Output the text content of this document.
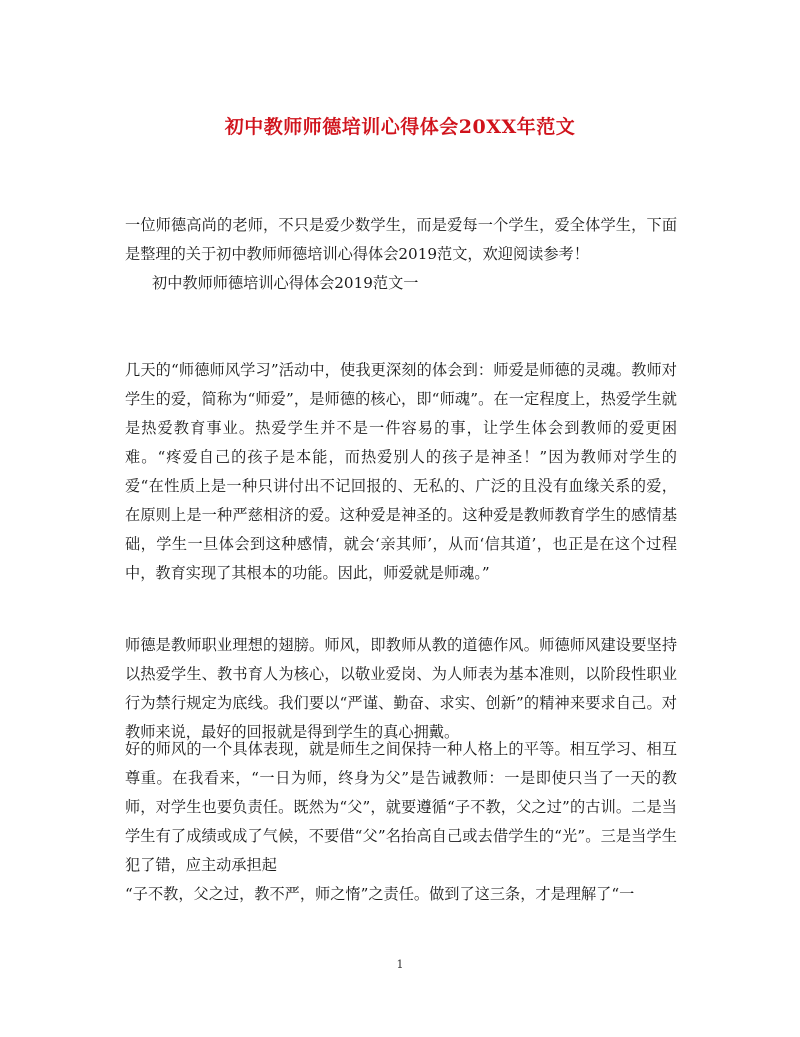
初中教师师德培训心得体会20XX年范文

一位师德高尚的老师，不只是爱少数学生，而是爱每一个学生，爱全体学生，下面是整理的关于初中教师师德培训心得体会2019范文，欢迎阅读参考！

初中教师师德培训心得体会2019范文一

几天的“师德师风学习”活动中，使我更深刻的体会到：师爱是师德的灵魂。教师对学生的爱，简称为“师爱”，是师德的核心，即“师魂”。在一定程度上，热爱学生就是热爱教育事业。热爱学生并不是一件容易的事，让学生体会到教师的爱更困难。“疼爱自己的孩子是本能，而热爱别人的孩子是神圣！”因为教师对学生的爱“在性质上是一种只讲付出不记回报的、无私的、广泛的且没有血缘关系的爱，在原则上是一种严慈相济的爱。这种爱是神圣的。这种爱是教师教育学生的感情基础，学生一旦体会到这种感情，就会‘亲其师’，从而‘信其道’，也正是在这个过程中，教育实现了其根本的功能。因此，师爱就是师魂。”

师德是教师职业理想的翅膀。师风，即教师从教的道德作风。师德师风建设要坚持以热爱学生、教书育人为核心，以敬业爱岗、为人师表为基本准则，以阶段性职业行为禁行规定为底线。我们要以“严谨、勤奋、求实、创新”的精神来要求自己。对教师来说，最好的回报就是得到学生的真心拥戴。

好的师风的一个具体表现，就是师生之间保持一种人格上的平等。相互学习、相互尊重。在我看来，“一日为师，终身为父”是告诫教师：一是即使只当了一天的教师，对学生也要负责任。既然为“父”，就要遵循“子不教，父之过”的古训。二是当学生有了成绩或成了气候，不要借“父”名抬高自己或去借学生的“光”。三是当学生犯了错，应主动承担起

“子不教，父之过，教不严，师之惰”之责任。做到了这三条，才是理解了“一

1
